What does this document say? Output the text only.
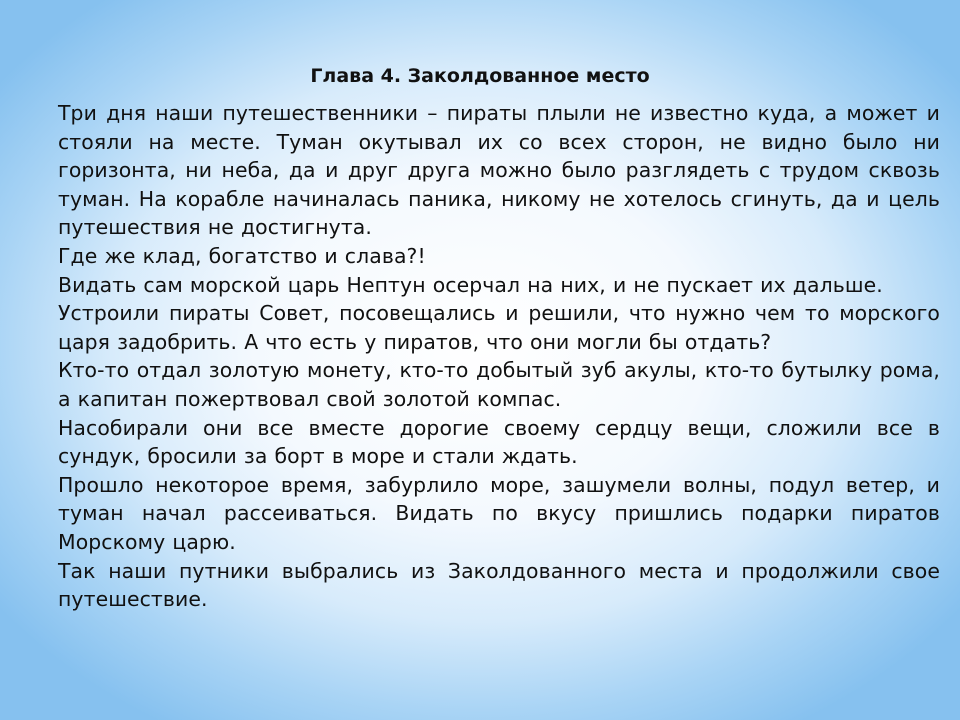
Глава 4. Заколдованное место

Три дня наши путешественники – пираты плыли не известно куда, а может и стояли на месте. Туман окутывал их со всех сторон, не видно было ни горизонта, ни неба, да и друг друга можно было разглядеть с трудом сквозь туман. На корабле начиналась паника, никому не хотелось сгинуть, да и цель путешествия не достигнута.

Где же клад, богатство и слава?!

Видать сам морской царь Нептун осерчал на них, и не пускает их дальше.

Устроили пираты Совет, посовещались и решили, что нужно чем то морского царя задобрить. А что есть у пиратов, что они могли бы отдать?

Кто-то отдал золотую монету, кто-то добытый зуб акулы, кто-то бутылку рома, а капитан пожертвовал свой золотой компас.

Насобирали они все вместе дорогие своему сердцу вещи, сложили все в сундук, бросили за борт в море и стали ждать.

Прошло некоторое время, забурлило море, зашумели волны, подул ветер, и туман начал рассеиваться. Видать по вкусу пришлись подарки пиратов Морскому царю.

Так наши путники выбрались из Заколдованного места и продолжили свое путешествие.
